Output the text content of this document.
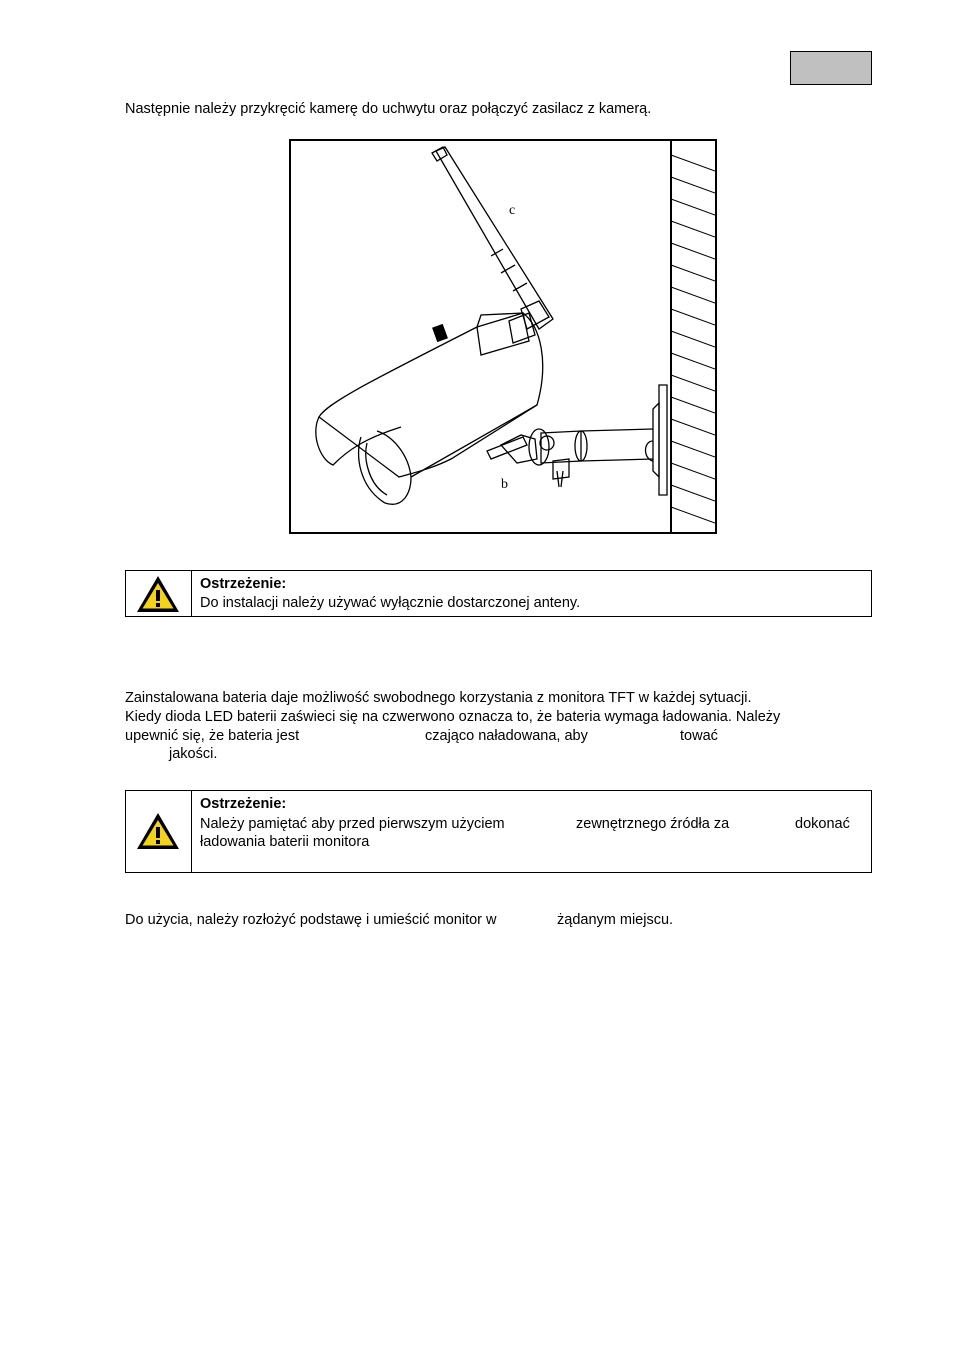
Następnie należy przykręcić kamerę do uchwytu oraz połączyć zasilacz z kamerą.
c
b
Ostrzeżenie:
Do instalacji należy używać wyłącznie dostarczonej anteny.
Zainstalowana bateria daje możliwość swobodnego korzystania z monitora TFT w każdej sytuacji.
Kiedy dioda LED baterii zaświeci się na czwerwono oznacza to, że bateria wymaga ładowania. Należy
upewnić się, że bateria jest	czająco naładowana, aby	tować
jakości.
Ostrzeżenie:
Należy pamiętać aby przed pierwszym użyciem	zewnętrznego źródła za	dokonać
ładowania baterii monitora
Do użycia, należy rozłożyć podstawę i umieścić monitor w	żądanym miejscu.
